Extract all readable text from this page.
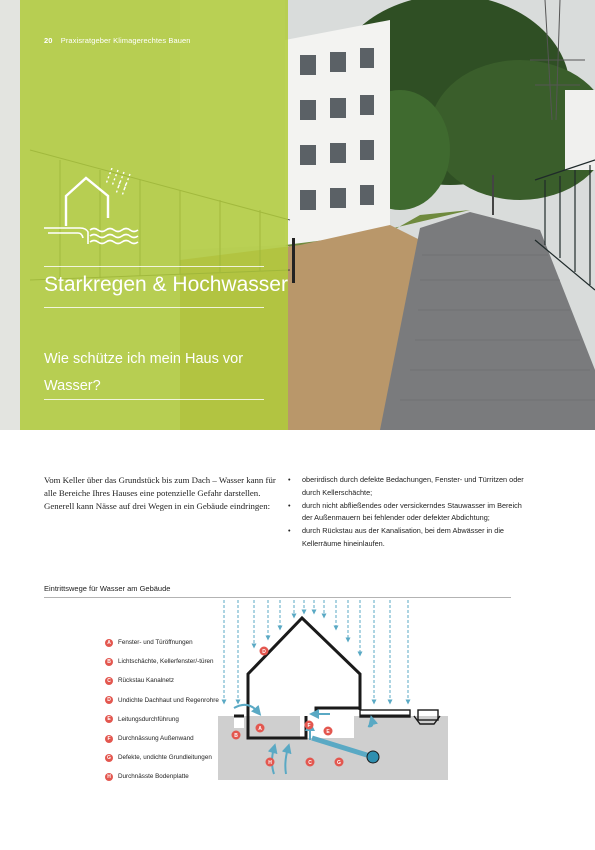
20 Praxisratgeber Klimagerechtes Bauen
Starkregen & Hochwasser
Wie schütze ich mein Haus vor Wasser?

Vom Keller über das Grundstück bis zum Dach – Wasser kann für alle Bereiche Ihres Hauses eine potenzielle Gefahr darstellen. Generell kann Nässe auf drei Wegen in ein Gebäude eindringen:

• oberirdisch durch defekte Bedachungen, Fenster- und Türritzen oder durch Kellerschächte;
• durch nicht abfließendes oder versickerndes Stauwasser im Bereich der Außenmauern bei fehlender oder defekter Abdichtung;
• durch Rückstau aus der Kanalisation, bei dem Abwässer in die Kellerräume hineinlaufen.
Eintrittswege für Wasser am Gebäude
A	Fenster- und Türöffnungen
B	Lichtschächte, Kellerfenster/-türen
C	Rückstau Kanalnetz
D	Undichte Dachhaut und Regenrohre
E	Leitungsdurchführung
F	Durchnässung Außenwand
G	Defekte, undichte Grundleitungen
H	Durchnässte Bodenplatte
D
A
B
F
E
C	G
H
